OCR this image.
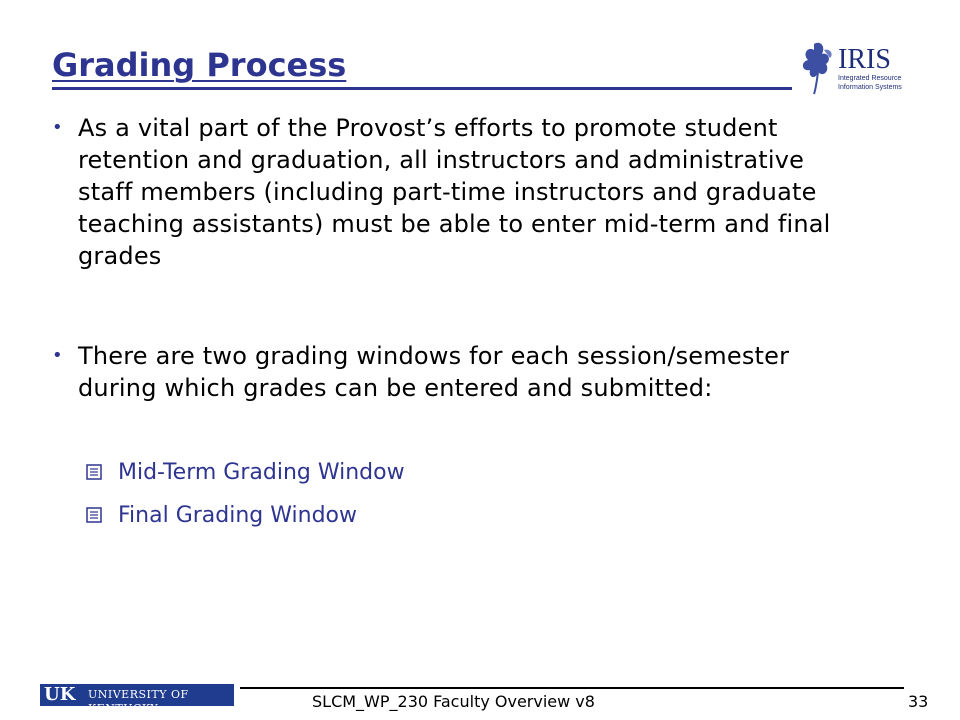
Grading Process	IRIS
Integrated Resource
Information Systems
• As a vital part of the Provost’s efforts to promote student retention and graduation, all instructors and administrative staff members (including part-time instructors and graduate teaching assistants) must be able to enter mid-term and final grades
• There are two grading windows for each session/semester during which grades can be entered and submitted:
Mid-Term Grading Window
Final Grading Window
UK UNIVERSITY OF KENTUCKY	SLCM_WP_230 Faculty Overview v8	33
